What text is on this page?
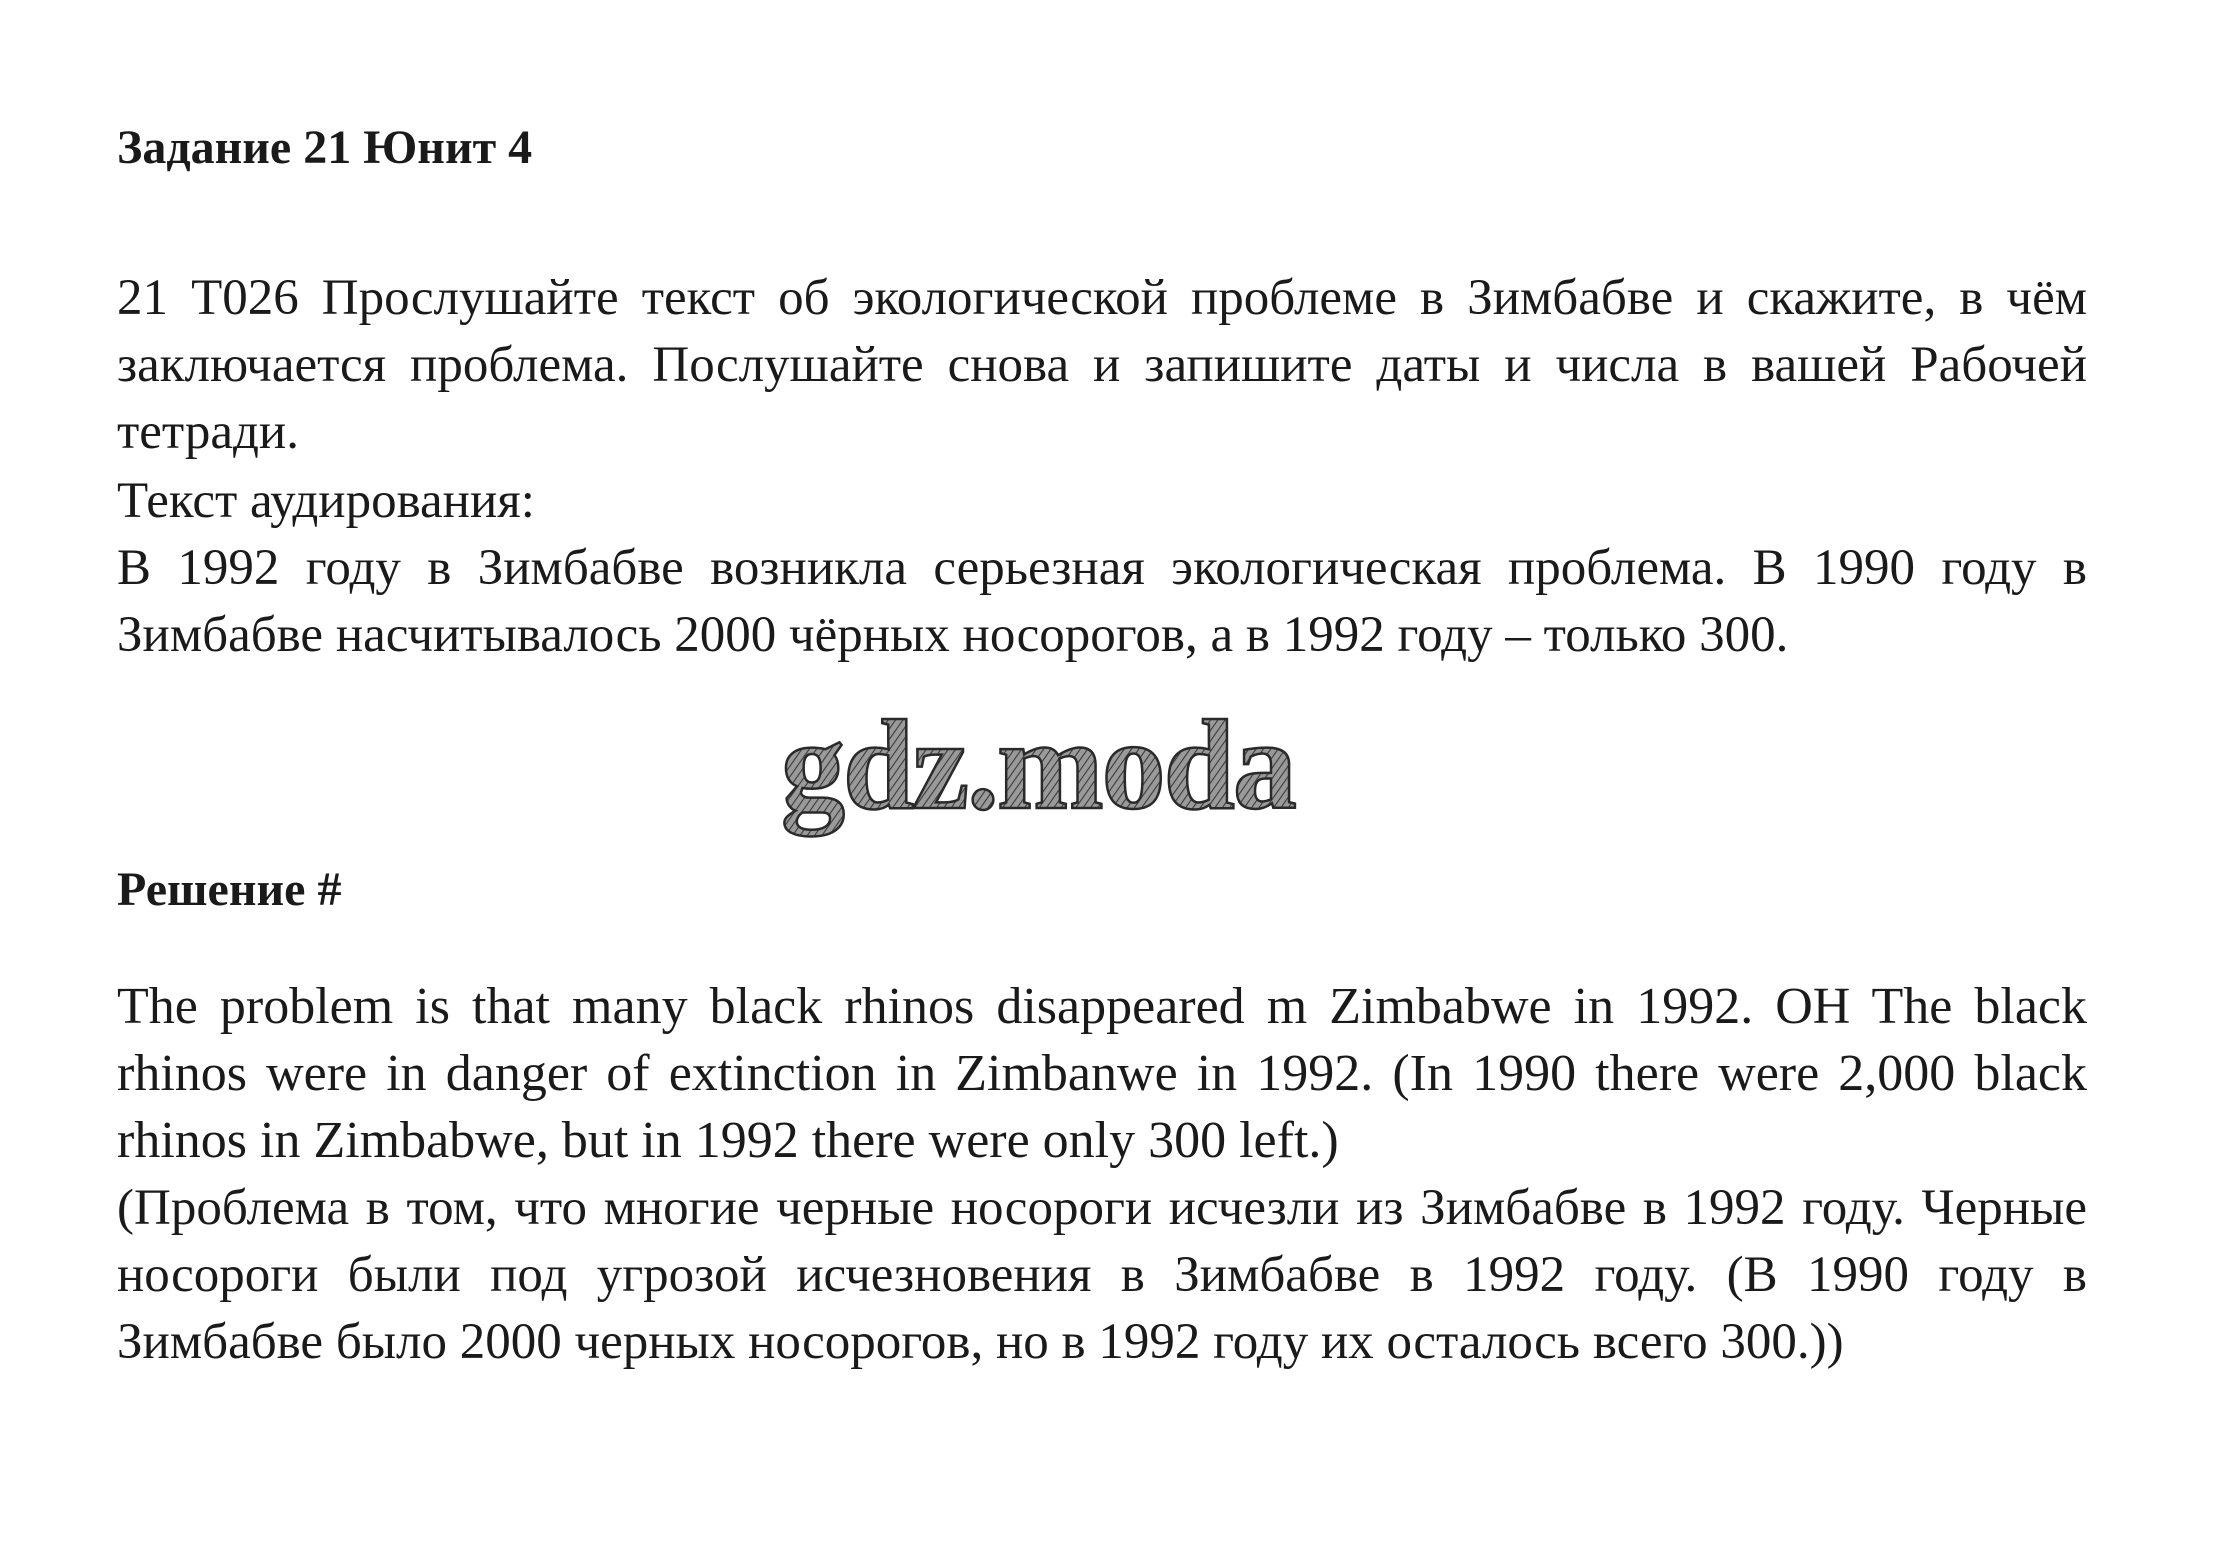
Задание 21 Юнит 4

21 Т026 Прослушайте текст об экологической проблеме в Зимбабве и скажите, в чём заключается проблема. Послушайте снова и запишите даты и числа в вашей Рабочей тетради.

Текст аудирования:

В 1992 году в Зимбабве возникла серьезная экологическая проблема. В 1990 году в Зимбабве насчитывалось 2000 чёрных носорогов, а в 1992 году – только 300.

gdz.moda
Решение #

The problem is that many black rhinos disappeared m Zimbabwe in 1992. OH The black rhinos were in danger of extinction in Zimbanwe in 1992. (In 1990 there were 2,000 black rhinos in Zimbabwe, but in 1992 there were only 300 left.)

(Проблема в том, что многие черные носороги исчезли из Зимбабве в 1992 году. Черные носороги были под угрозой исчезновения в Зимбабве в 1992 году. (В 1990 году в Зимбабве было 2000 черных носорогов, но в 1992 году их осталось всего 300.))
